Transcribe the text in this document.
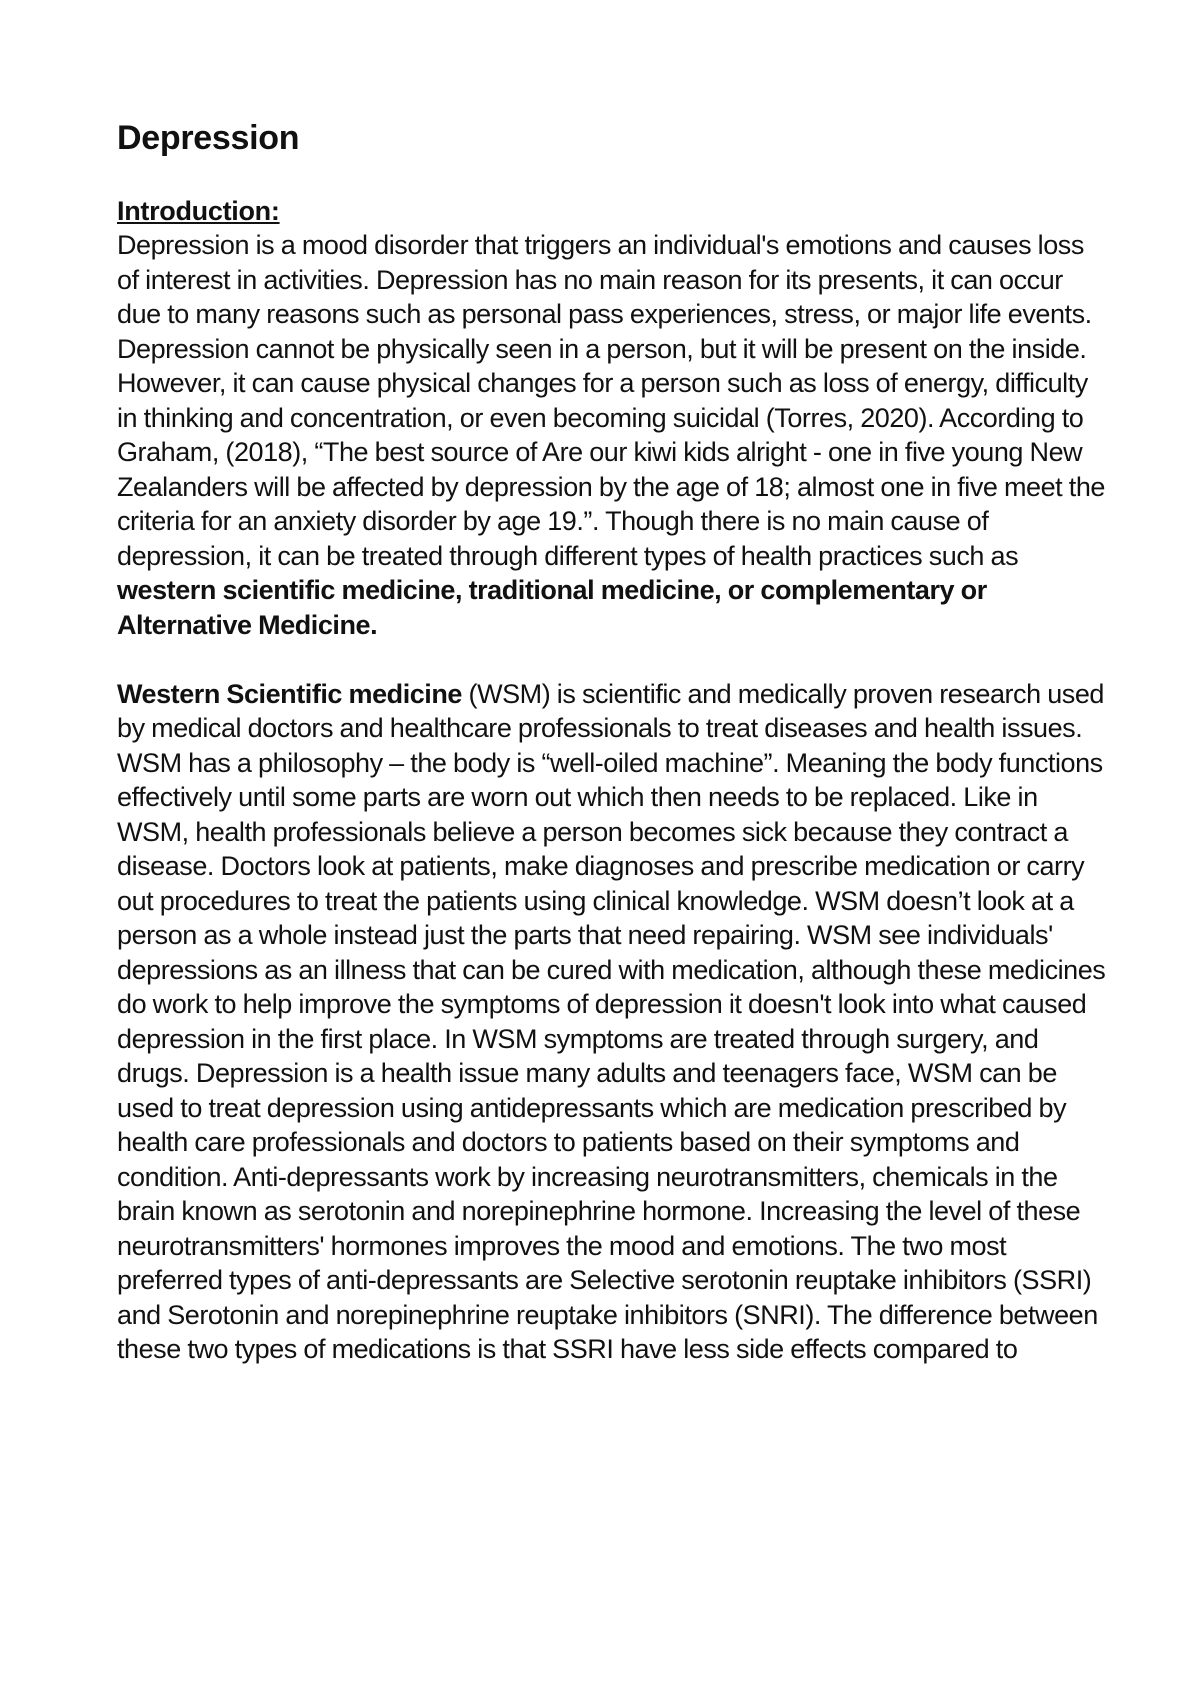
Depression
Introduction:

Depression is a mood disorder that triggers an individual's emotions and causes loss of interest in activities. Depression has no main reason for its presents, it can occur due to many reasons such as personal pass experiences, stress, or major life events. Depression cannot be physically seen in a person, but it will be present on the inside. However, it can cause physical changes for a person such as loss of energy, difficulty in thinking and concentration, or even becoming suicidal (Torres, 2020). According to Graham, (2018), “The best source of Are our kiwi kids alright - one in five young New Zealanders will be affected by depression by the age of 18; almost one in five meet the criteria for an anxiety disorder by age 19.”. Though there is no main cause of depression, it can be treated through different types of health practices such as western scientific medicine, traditional medicine, or complementary or Alternative Medicine.

Western Scientific medicine (WSM) is scientific and medically proven research used by medical doctors and healthcare professionals to treat diseases and health issues. WSM has a philosophy – the body is “well-oiled machine”. Meaning the body functions effectively until some parts are worn out which then needs to be replaced. Like in WSM, health professionals believe a person becomes sick because they contract a disease. Doctors look at patients, make diagnoses and prescribe medication or carry out procedures to treat the patients using clinical knowledge. WSM doesn’t look at a person as a whole instead just the parts that need repairing. WSM see individuals' depressions as an illness that can be cured with medication, although these medicines do work to help improve the symptoms of depression it doesn't look into what caused depression in the first place. In WSM symptoms are treated through surgery, and drugs. Depression is a health issue many adults and teenagers face, WSM can be used to treat depression using antidepressants which are medication prescribed by health care professionals and doctors to patients based on their symptoms and condition. Anti-depressants work by increasing neurotransmitters, chemicals in the brain known as serotonin and norepinephrine hormone. Increasing the level of these neurotransmitters' hormones improves the mood and emotions. The two most preferred types of anti-depressants are Selective serotonin reuptake inhibitors (SSRI) and Serotonin and norepinephrine reuptake inhibitors (SNRI). The difference between these two types of medications is that SSRI have less side effects compared to
